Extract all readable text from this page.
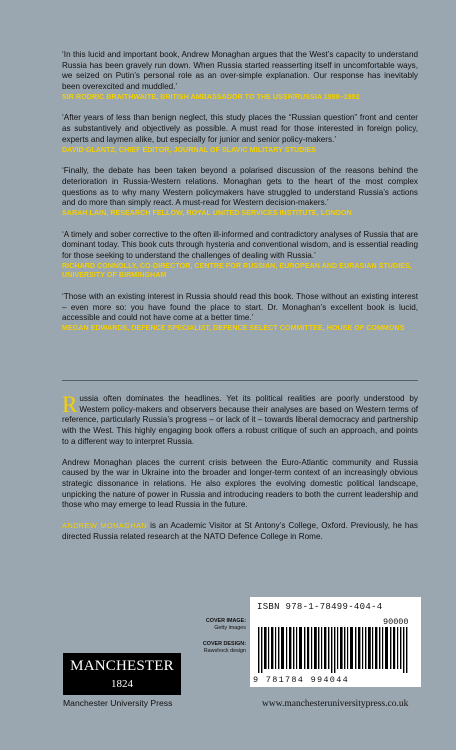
‘In this lucid and important book, Andrew Monaghan argues that the West’s capacity to understand Russia has been gravely run down. When Russia started reasserting itself in uncomfortable ways, we seized on Putin’s personal role as an over-simple explanation. Our response has inevitably been overexcited and muddled.’

SIR RODRIC BRAITHWAITE, BRITISH AMBASSADOR TO THE USSR/RUSSIA 1988–1992

‘After years of less than benign neglect, this study places the “Russian question” front and center as substantively and objectively as possible. A must read for those interested in foreign policy, experts and laymen alike, but especially for junior and senior policy-makers.’

DAVID GLANTZ, CHIEF EDITOR, JOURNAL OF SLAVIC MILITARY STUDIES

‘Finally, the debate has been taken beyond a polarised discussion of the reasons behind the deterioration in Russia-Western relations. Monaghan gets to the heart of the most complex questions as to why many Western policymakers have struggled to understand Russia’s actions and do more than simply react. A must-read for Western decision-makers.’

SARAH LAIN, RESEARCH FELLOW, ROYAL UNITED SERVICES INSTITUTE, LONDON

‘A timely and sober corrective to the often ill-informed and contradictory analyses of Russia that are dominant today. This book cuts through hysteria and conventional wisdom, and is essential reading for those seeking to understand the challenges of dealing with Russia.’

RICHARD CONNOLLY, CO-DIRECTOR, CENTRE FOR RUSSIAN, EUROPEAN AND EURASIAN STUDIES, UNIVERSITY OF BIRMINGHAM

‘Those with an existing interest in Russia should read this book. Those without an existing interest – even more so: you have found the place to start. Dr. Monaghan’s excellent book is lucid, accessible and could not have come at a better time.’

MEGAN EDWARDS, DEFENCE SPECIALIST, DEFENCE SELECT COMMITTEE, HOUSE OF COMMONS

Russia often dominates the headlines. Yet its political realities are poorly understood by Western policy-makers and observers because their analyses are based on Western terms of reference, particularly Russia’s progress – or lack of it – towards liberal democracy and partnership with the West. This highly engaging book offers a robust critique of such an approach, and points to a different way to interpret Russia.

Andrew Monaghan places the current crisis between the Euro-Atlantic community and Russia caused by the war in Ukraine into the broader and longer-term context of an increasingly obvious strategic dissonance in relations. He also explores the evolving domestic political landscape, unpicking the nature of power in Russia and introducing readers to both the current leadership and those who may emerge to lead Russia in the future.

ANDREW MONAGHAN is an Academic Visitor at St Antony’s College, Oxford. Previously, he has directed Russia related research at the NATO Defence College in Rome.

COVER IMAGE:

Getty images

COVER DESIGN:

Rawshock design

ISBN 978-1-78499-404-4
90000
9 781784 994044
MANCHESTER
1824

Manchester University Press	www.manchesteruniversitypress.co.uk
